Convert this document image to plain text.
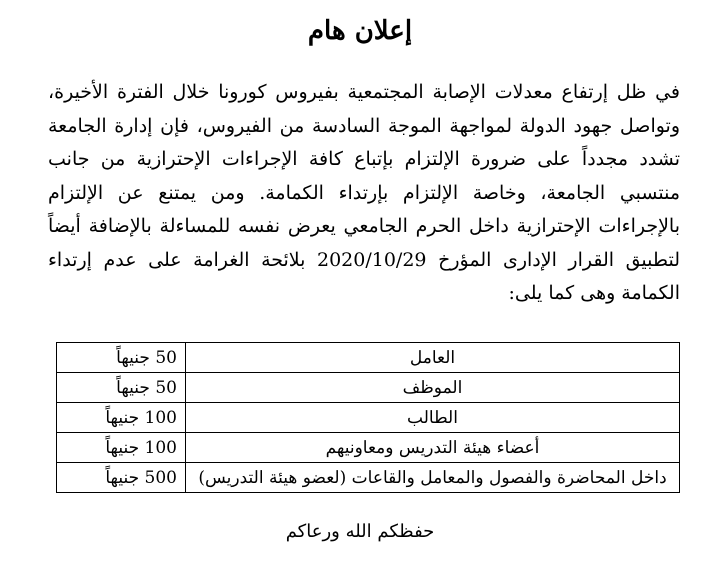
إعلان هام

في ظل إرتفاع معدلات الإصابة المجتمعية بفيروس كورونا خلال الفترة الأخيرة، وتواصل جهود الدولة لمواجهة الموجة السادسة من الفيروس، فإن إدارة الجامعة تشدد مجدداً على ضرورة الإلتزام بإتباع كافة الإجراءات الإحترازية من جانب منتسبي الجامعة، وخاصة الإلتزام بإرتداء الكمامة. ومن يمتنع عن الإلتزام بالإجراءات الإحترازية داخل الحرم الجامعي يعرض نفسه للمساءلة بالإضافة أيضاً لتطبيق القرار الإدارى المؤرخ 2020/10/29 بلائحة الغرامة على عدم إرتداء الكمامة وهى كما يلى:

العامل	50 جنيهاً
الموظف	50 جنيهاً
الطالب	100 جنيهاً
أعضاء هيئة التدريس ومعاونيهم	100 جنيهاً
داخل المحاضرة والفصول والمعامل والقاعات (لعضو هيئة التدريس)	500 جنيهاً
حفظكم الله ورعاكم
